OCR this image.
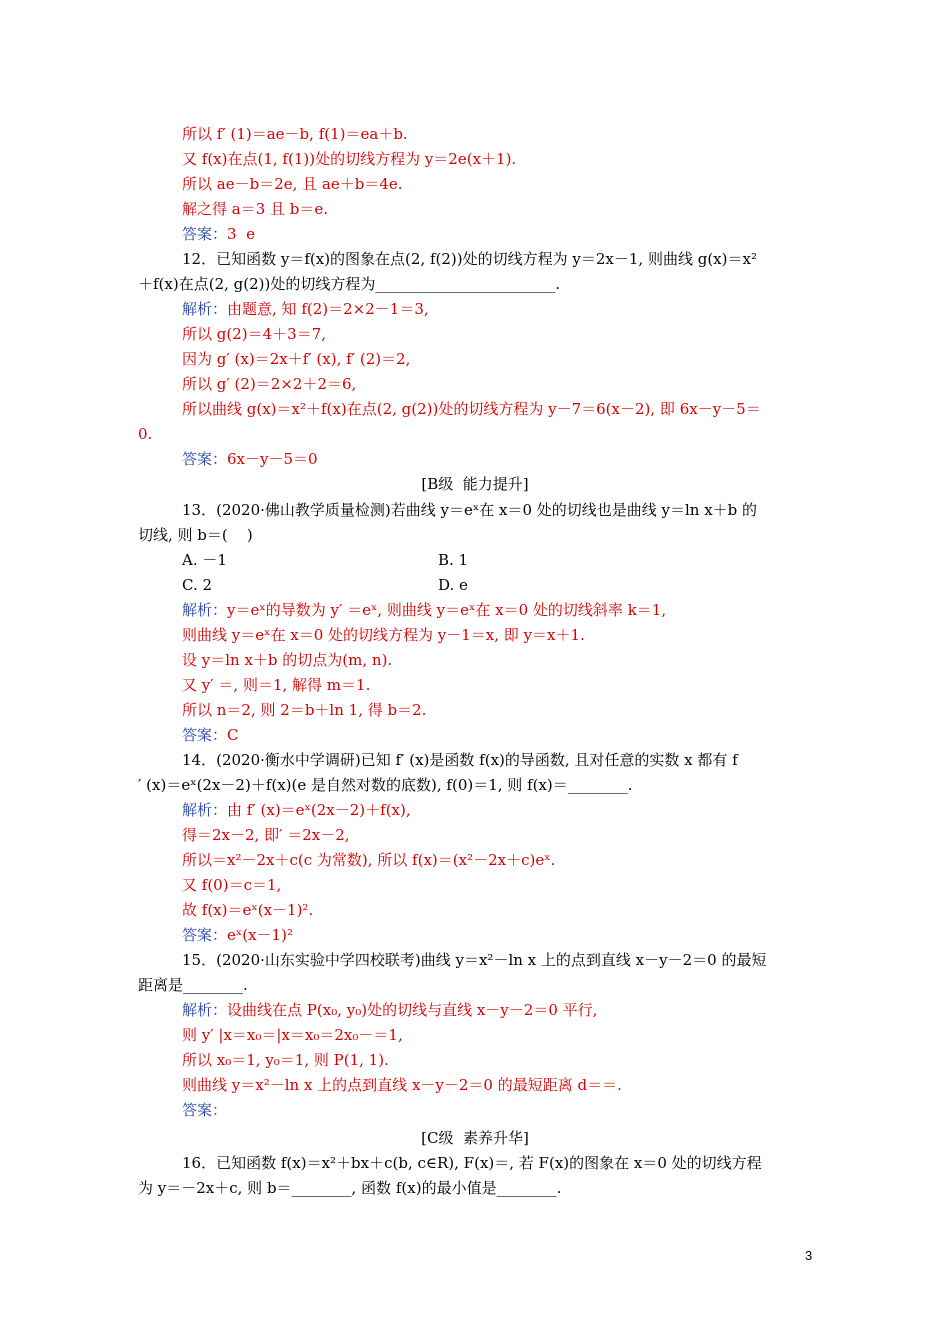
所以 f′ (1)＝ae－b, f(1)＝ea＋b.
又 f(x)在点(1, f(1))处的切线方程为 y＝2e(x＋1).
所以 ae－b＝2e, 且 ae＋b＝4e.
解之得 a＝3 且 b＝e.
答案：3  e
12．已知函数 y＝f(x)的图象在点(2, f(2))处的切线方程为 y＝2x－1, 则曲线 g(x)＝x²
＋f(x)在点(2, g(2))处的切线方程为________________________.
解析：由题意, 知 f(2)＝2×2－1＝3,
所以 g(2)＝4＋3＝7,
因为 g′ (x)＝2x＋f′ (x), f′ (2)＝2,
所以 g′ (2)＝2×2＋2＝6,
所以曲线 g(x)＝x²＋f(x)在点(2, g(2))处的切线方程为 y－7＝6(x－2), 即 6x－y－5＝
0.
答案：6x－y－5＝0
[B级  能力提升]
13．(2020·佛山教学质量检测)若曲线 y＝eˣ在 x＝0 处的切线也是曲线 y＝ln x＋b 的
切线, 则 b＝(    )
A. －1	B. 1
C. 2	D. e
解析：y＝eˣ的导数为 y′ ＝eˣ, 则曲线 y＝eˣ在 x＝0 处的切线斜率 k＝1,
则曲线 y＝eˣ在 x＝0 处的切线方程为 y－1＝x, 即 y＝x＋1.
设 y＝ln x＋b 的切点为(m, n).
又 y′ ＝, 则＝1, 解得 m＝1.
所以 n＝2, 则 2＝b＋ln 1, 得 b＝2.
答案：C
14．(2020·衡水中学调研)已知 f′ (x)是函数 f(x)的导函数, 且对任意的实数 x 都有 f
′ (x)＝eˣ(2x－2)＋f(x)(e 是自然对数的底数), f(0)＝1, 则 f(x)＝________.
解析：由 f′ (x)＝eˣ(2x－2)＋f(x),
得＝2x－2, 即′ ＝2x－2,
所以＝x²－2x＋c(c 为常数), 所以 f(x)＝(x²－2x＋c)eˣ.
又 f(0)＝c＝1,
故 f(x)＝eˣ(x－1)².
答案：eˣ(x－1)²
15．(2020·山东实验中学四校联考)曲线 y＝x²－ln x 上的点到直线 x－y－2＝0 的最短
距离是________.
解析：设曲线在点 P(x₀, y₀)处的切线与直线 x－y－2＝0 平行,
则 y′ |x＝x₀＝|x＝x₀＝2x₀－＝1,
所以 x₀＝1, y₀＝1, 则 P(1, 1).
则曲线 y＝x²－ln x 上的点到直线 x－y－2＝0 的最短距离 d＝＝.
答案：
[C级  素养升华]
16．已知函数 f(x)＝x²＋bx＋c(b, c∈R), F(x)＝, 若 F(x)的图象在 x＝0 处的切线方程
为 y＝－2x＋c, 则 b＝________, 函数 f(x)的最小值是________.
3
